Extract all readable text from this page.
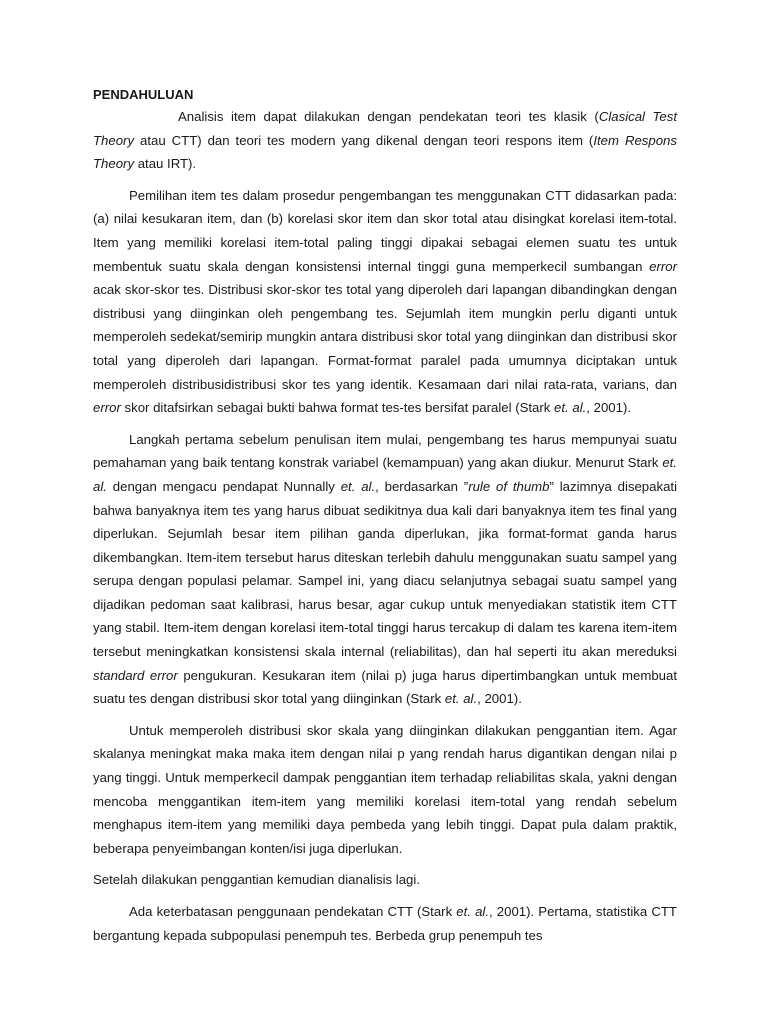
PENDAHULUAN

Analisis item dapat dilakukan dengan pendekatan teori tes klasik (Clasical Test Theory atau CTT) dan teori tes modern yang dikenal dengan teori respons item (Item Respons Theory atau IRT).

Pemilihan item tes dalam prosedur pengembangan tes menggunakan CTT didasarkan pada: (a) nilai kesukaran item, dan (b) korelasi skor item dan skor total atau disingkat korelasi item-total. Item yang memiliki korelasi item-total paling tinggi dipakai sebagai elemen suatu tes untuk membentuk suatu skala dengan konsistensi internal tinggi guna memperkecil sumbangan error acak skor-skor tes. Distribusi skor-skor tes total yang diperoleh dari lapangan dibandingkan dengan distribusi yang diinginkan oleh pengembang tes. Sejumlah item mungkin perlu diganti untuk memperoleh sedekat/semirip mungkin antara distribusi skor total yang diinginkan dan distribusi skor total yang diperoleh dari lapangan. Format-format paralel pada umumnya diciptakan untuk memperoleh distribusidistribusi skor tes yang identik. Kesamaan dari nilai rata-rata, varians, dan error skor ditafsirkan sebagai bukti bahwa format tes-tes bersifat paralel (Stark et. al., 2001).

Langkah pertama sebelum penulisan item mulai, pengembang tes harus mempunyai suatu pemahaman yang baik tentang konstrak variabel (kemampuan) yang akan diukur. Menurut Stark et. al. dengan mengacu pendapat Nunnally et. al., berdasarkan ”rule of thumb” lazimnya disepakati bahwa banyaknya item tes yang harus dibuat sedikitnya dua kali dari banyaknya item tes final yang diperlukan. Sejumlah besar item pilihan ganda diperlukan, jika format-format ganda harus dikembangkan. Item-item tersebut harus diteskan terlebih dahulu menggunakan suatu sampel yang serupa dengan populasi pelamar. Sampel ini, yang diacu selanjutnya sebagai suatu sampel yang dijadikan pedoman saat kalibrasi, harus besar, agar cukup untuk menyediakan statistik item CTT yang stabil. Item-item dengan korelasi item-total tinggi harus tercakup di dalam tes karena item-item tersebut meningkatkan konsistensi skala internal (reliabilitas), dan hal seperti itu akan mereduksi standard error pengukuran. Kesukaran item (nilai p) juga harus dipertimbangkan untuk membuat suatu tes dengan distribusi skor total yang diinginkan (Stark et. al., 2001).

Untuk memperoleh distribusi skor skala yang diinginkan dilakukan penggantian item. Agar skalanya meningkat maka maka item dengan nilai p yang rendah harus digantikan dengan nilai p yang tinggi. Untuk memperkecil dampak penggantian item terhadap reliabilitas skala, yakni dengan mencoba menggantikan item-item yang memiliki korelasi item-total yang rendah sebelum menghapus item-item yang memiliki daya pembeda yang lebih tinggi. Dapat pula dalam praktik, beberapa penyeimbangan konten/isi juga diperlukan.

Setelah dilakukan penggantian kemudian dianalisis lagi.

Ada keterbatasan penggunaan pendekatan CTT (Stark et. al., 2001). Pertama, statistika CTT bergantung kepada subpopulasi penempuh tes. Berbeda grup penempuh tes
